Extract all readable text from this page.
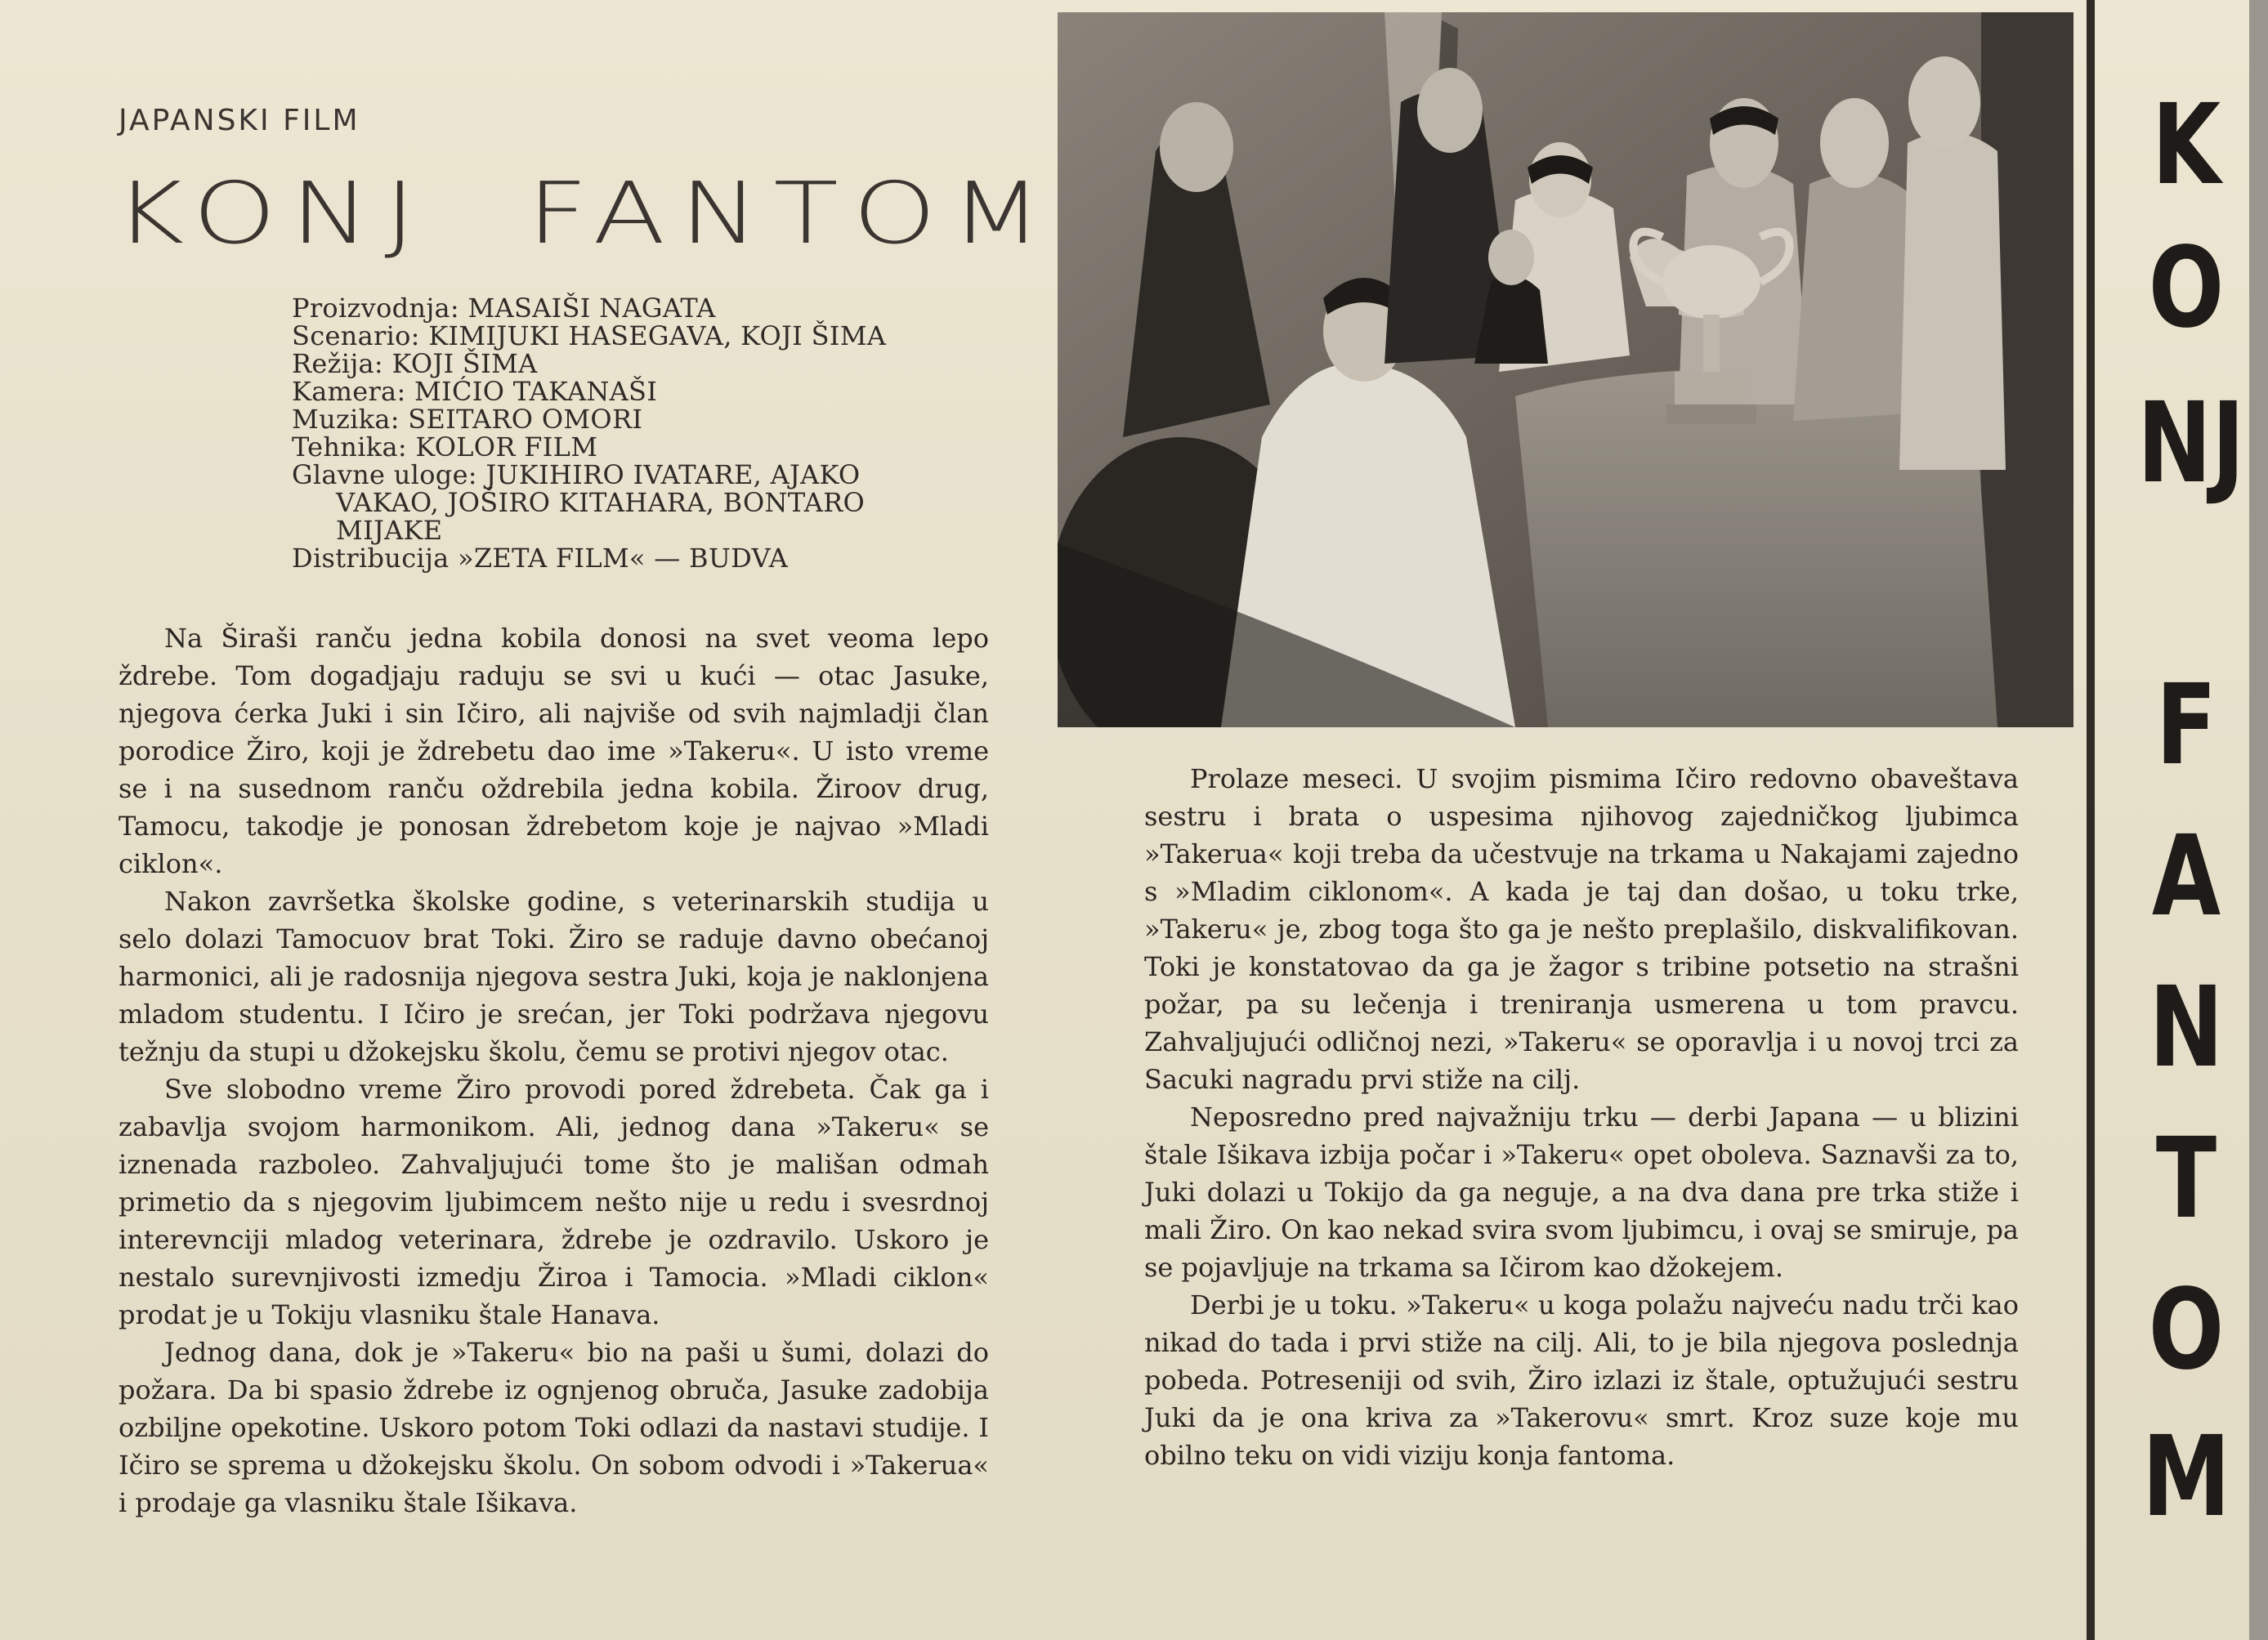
JAPANSKI FILM
KONJ FANTOM
Proizvodnja: MASAIŠI NAGATA
Scenario: KIMIJUKI HASEGAVA, KOJI ŠIMA
Režija: KOJI ŠIMA
Kamera: MIĆIO TAKANAŠI
Muzika: SEITARO OMORI
Tehnika: KOLOR FILM
Glavne uloge: JUKIHIRO IVATARE, AJAKO
VAKAO, JOŠIRO KITAHARA, BONTARO
MIJAKE
Distribucija »ZETA FILM« — BUDVA

Na Širaši ranču jedna kobila donosi na svet veoma lepo ždrebe. Tom dogadjaju raduju se svi u kući — otac Jasuke, njegova ćerka Juki i sin Ičiro, ali najviše od svih najmladji član porodice Žiro, koji je ždrebetu dao ime »Takeru«. U isto vreme se i na susednom ranču oždrebila jedna kobila. Žiroov drug, Tamocu, takodje je ponosan ždrebetom koje je najvao »Mladi ciklon«.

Nakon završetka školske godine, s veterinarskih studija u selo dolazi Tamocuov brat Toki. Žiro se raduje davno obećanoj harmonici, ali je radosnija njegova sestra Juki, koja je naklonjena mladom studentu. I Ičiro je srećan, jer Toki podržava njegovu težnju da stupi u džokejsku školu, čemu se protivi njegov otac.

Sve slobodno vreme Žiro provodi pored ždrebeta. Čak ga i zabavlja svojom harmonikom. Ali, jednog dana »Takeru« se iznenada razboleo. Zahvaljujući tome što je mališan odmah primetio da s njegovim ljubimcem nešto nije u redu i svesrdnoj interevnciji mladog veterinara, ždrebe je ozdravilo. Uskoro je nestalo surevnjivosti izmedju Žiroa i Tamocia. »Mladi ciklon« prodat je u Tokiju vlasniku štale Hanava.

Jednog dana, dok je »Takeru« bio na paši u šumi, dolazi do požara. Da bi spasio ždrebe iz ognjenog obruča, Jasuke zadobija ozbiljne opekotine. Uskoro potom Toki odlazi da nastavi studije. I Ičiro se sprema u džokejsku školu. On sobom odvodi i »Takerua« i prodaje ga vlasniku štale Išikava.

Prolaze meseci. U svojim pismima Ičiro redovno obaveštava sestru i brata o uspesima njihovog zajedničkog ljubimca »Takerua« koji treba da učestvuje na trkama u Nakajami zajedno s »Mladim ciklonom«. A kada je taj dan došao, u toku trke, »Takeru« je, zbog toga što ga je nešto preplašilo, diskvalifikovan. Toki je konstatovao da ga je žagor s tribine potsetio na strašni požar, pa su lečenja i treniranja usmerena u tom pravcu. Zahvaljujući odličnoj nezi, »Takeru« se oporavlja i u novoj trci za Sacuki nagradu prvi stiže na cilj.

Neposredno pred najvažniju trku — derbi Japana — u blizini štale Išikava izbija počar i »Takeru« opet oboleva. Saznavši za to, Juki dolazi u Tokijo da ga neguje, a na dva dana pre trka stiže i mali Žiro. On kao nekad svira svom ljubimcu, i ovaj se smiruje, pa se pojavljuje na trkama sa Ičirom kao džokejem.

Derbi je u toku. »Takeru« u koga polažu najveću nadu trči kao nikad do tada i prvi stiže na cilj. Ali, to je bila njegova poslednja pobeda. Potreseniji od svih, Žiro izlazi iz štale, optužujući sestru Juki da je ona kriva za »Takerovu« smrt. Kroz suze koje mu obilno teku on vidi viziju konja fantoma.

K
O
NJ
F
A
N
T
O
M
